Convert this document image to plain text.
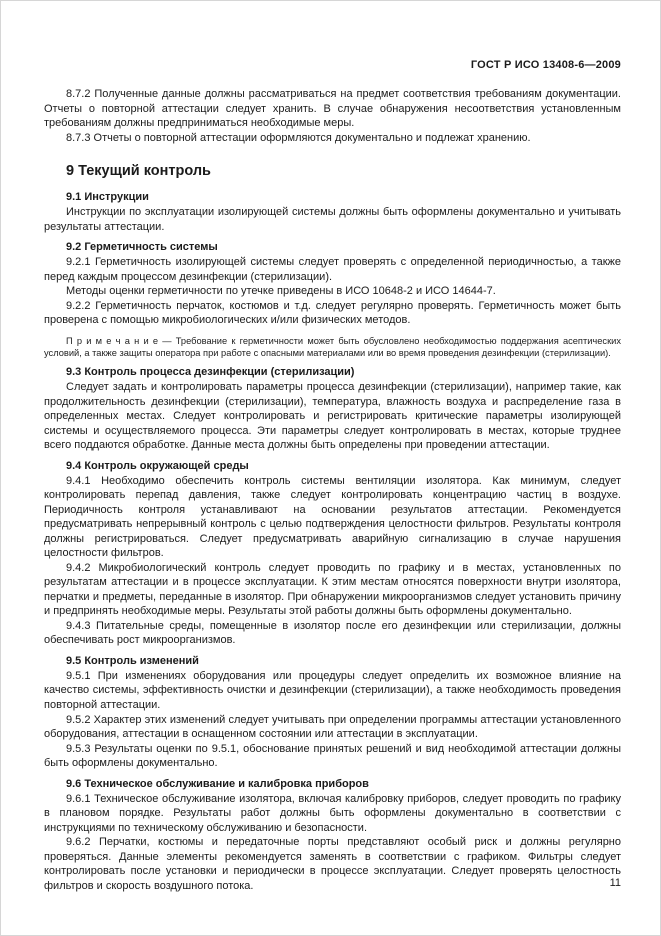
ГОСТ Р ИСО 13408-6—2009

8.7.2 Полученные данные должны рассматриваться на предмет соответствия требованиям документации. Отчеты о повторной аттестации следует хранить. В случае обнаружения несоответствия установленным требованиям должны предприниматься необходимые меры.

8.7.3 Отчеты о повторной аттестации оформляются документально и подлежат хранению.

9 Текущий контроль
9.1 Инструкции

Инструкции по эксплуатации изолирующей системы должны быть оформлены документально и учитывать результаты аттестации.

9.2 Герметичность системы

9.2.1 Герметичность изолирующей системы следует проверять с определенной периодичностью, а также перед каждым процессом дезинфекции (стерилизации).

Методы оценки герметичности по утечке приведены в ИСО 10648-2 и ИСО 14644-7.

9.2.2 Герметичность перчаток, костюмов и т.д. следует регулярно проверять. Герметичность может быть проверена с помощью микробиологических и/или физических методов.

П р и м е ч а н и е — Требование к герметичности может быть обусловлено необходимостью поддержания асептических условий, а также защиты оператора при работе с опасными материалами или во время проведения дезинфекции (стерилизации).

9.3 Контроль процесса дезинфекции (стерилизации)

Следует задать и контролировать параметры процесса дезинфекции (стерилизации), например такие, как продолжительность дезинфекции (стерилизации), температура, влажность воздуха и распределение газа в определенных местах. Следует контролировать и регистрировать критические параметры изолирующей системы и осуществляемого процесса. Эти параметры следует контролировать в местах, которые труднее всего поддаются обработке. Данные места должны быть определены при проведении аттестации.

9.4 Контроль окружающей среды

9.4.1 Необходимо обеспечить контроль системы вентиляции изолятора. Как минимум, следует контролировать перепад давления, также следует контролировать концентрацию частиц в воздухе. Периодичность контроля устанавливают на основании результатов аттестации. Рекомендуется предусматривать непрерывный контроль с целью подтверждения целостности фильтров. Результаты контроля должны регистрироваться. Следует предусматривать аварийную сигнализацию в случае нарушения целостности фильтров.

9.4.2 Микробиологический контроль следует проводить по графику и в местах, установленных по результатам аттестации и в процессе эксплуатации. К этим местам относятся поверхности внутри изолятора, перчатки и предметы, переданные в изолятор. При обнаружении микроорганизмов следует установить причину и предпринять необходимые меры. Результаты этой работы должны быть оформлены документально.

9.4.3 Питательные среды, помещенные в изолятор после его дезинфекции или стерилизации, должны обеспечивать рост микроорганизмов.

9.5 Контроль изменений

9.5.1 При изменениях оборудования или процедуры следует определить их возможное влияние на качество системы, эффективность очистки и дезинфекции (стерилизации), а также необходимость проведения повторной аттестации.

9.5.2 Характер этих изменений следует учитывать при определении программы аттестации установленного оборудования, аттестации в оснащенном состоянии или аттестации в эксплуатации.

9.5.3 Результаты оценки по 9.5.1, обоснование принятых решений и вид необходимой аттестации должны быть оформлены документально.

9.6 Техническое обслуживание и калибровка приборов

9.6.1 Техническое обслуживание изолятора, включая калибровку приборов, следует проводить по графику в плановом порядке. Результаты работ должны быть оформлены документально в соответствии с инструкциями по техническому обслуживанию и безопасности.

9.6.2 Перчатки, костюмы и передаточные порты представляют особый риск и должны регулярно проверяться. Данные элементы рекомендуется заменять в соответствии с графиком. Фильтры следует контролировать после установки и периодически в процессе эксплуатации. Следует проверять целостность фильтров и скорость воздушного потока.	11
